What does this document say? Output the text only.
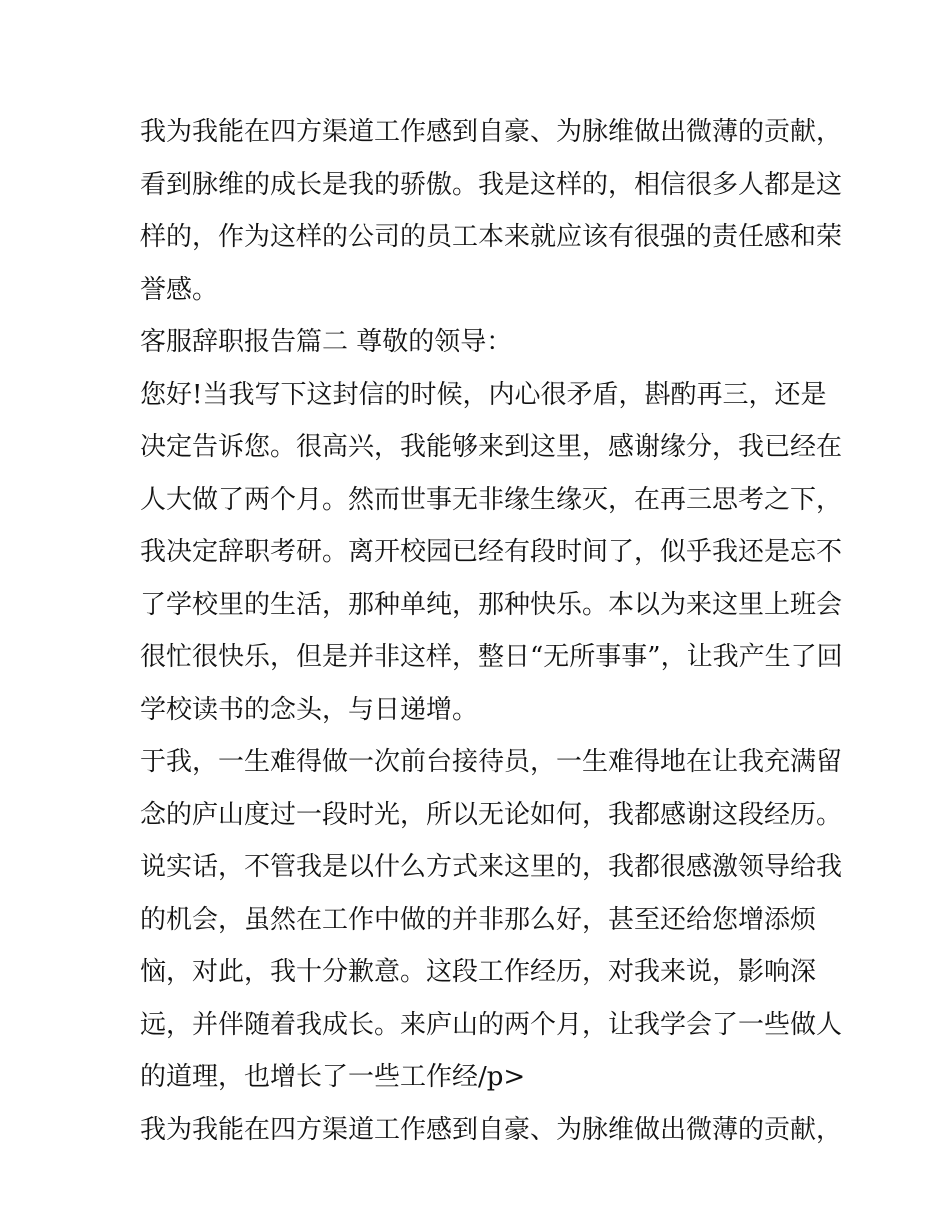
我为我能在四方渠道工作感到自豪、为脉维做出微薄的贡献，
看到脉维的成长是我的骄傲。我是这样的，相信很多人都是这
样的，作为这样的公司的员工本来就应该有很强的责任感和荣
誉感。
客服辞职报告篇二 尊敬的领导：
您好!当我写下这封信的时候，内心很矛盾，斟酌再三，还是
决定告诉您。很高兴，我能够来到这里，感谢缘分，我已经在
人大做了两个月。然而世事无非缘生缘灭，在再三思考之下，
我决定辞职考研。离开校园已经有段时间了，似乎我还是忘不
了学校里的生活，那种单纯，那种快乐。本以为来这里上班会
很忙很快乐，但是并非这样，整日“无所事事”，让我产生了回
学校读书的念头，与日递增。
于我，一生难得做一次前台接待员，一生难得地在让我充满留
念的庐山度过一段时光，所以无论如何，我都感谢这段经历。
说实话，不管我是以什么方式来这里的，我都很感激领导给我
的机会，虽然在工作中做的并非那么好，甚至还给您增添烦
恼，对此，我十分歉意。这段工作经历，对我来说，影响深
远，并伴随着我成长。来庐山的两个月，让我学会了一些做人
的道理，也增长了一些工作经/p>
我为我能在四方渠道工作感到自豪、为脉维做出微薄的贡献，
